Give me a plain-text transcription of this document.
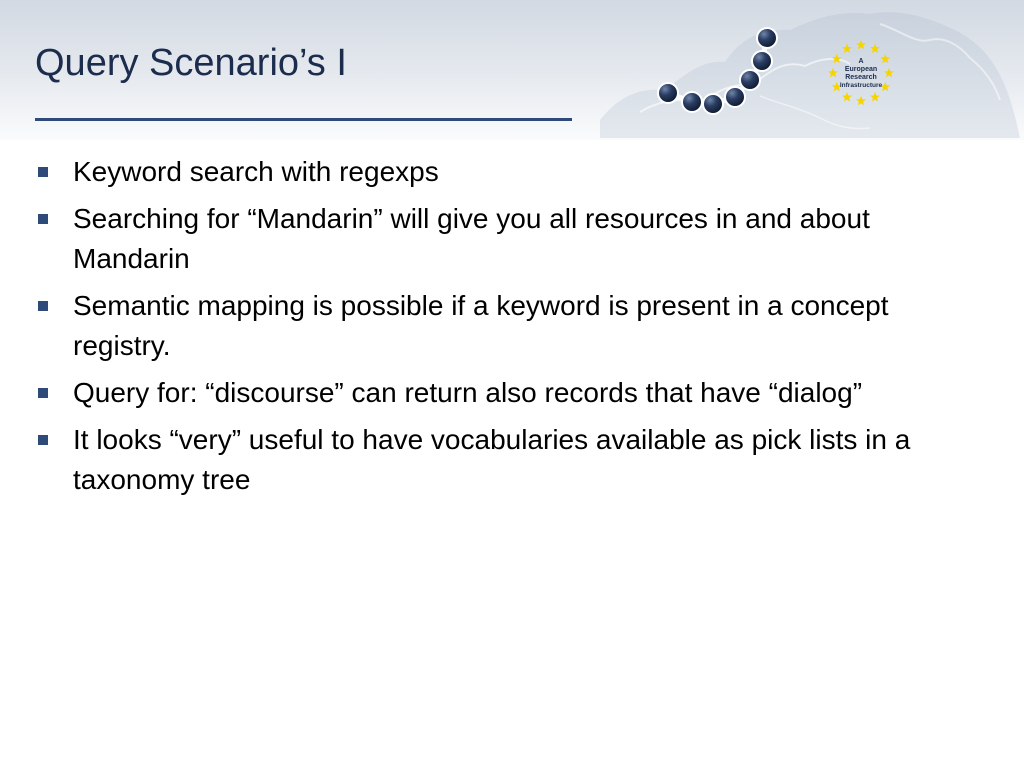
A
European
Research
Infrastructure
Query Scenario’s I
Keyword search with regexps
Searching for “Mandarin” will give you all resources in and about Mandarin
Semantic mapping is possible if a keyword is present in a concept registry.
Query for: “discourse” can return also records that have “dialog”
It looks “very” useful to have vocabularies available as pick lists in a taxonomy tree
